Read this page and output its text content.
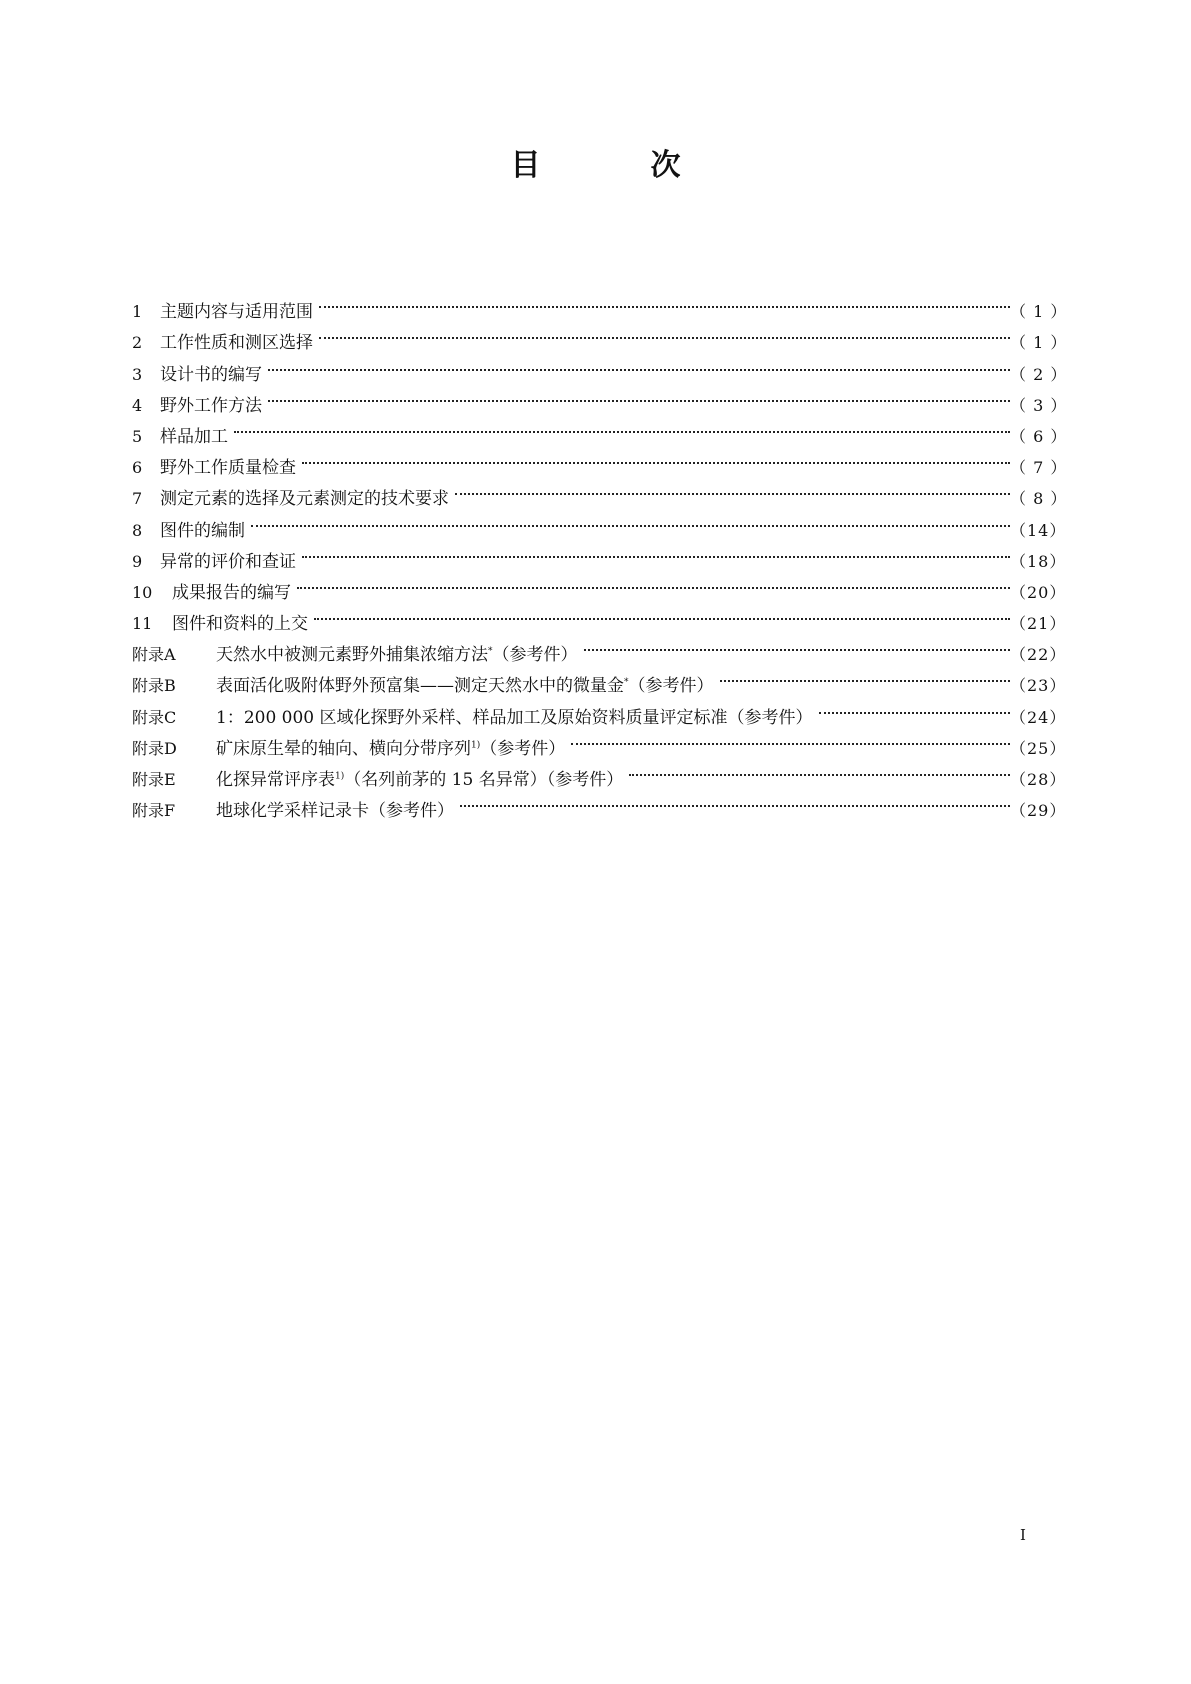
目	次
1	主题内容与适用范围	（ 1 ）
2	工作性质和测区选择	（ 1 ）
3	设计书的编写	（ 2 ）
4	野外工作方法	（ 3 ）
5	样品加工	（ 6 ）
6	野外工作质量检查	（ 7 ）
7	测定元素的选择及元素测定的技术要求	（ 8 ）
8	图件的编制	（14）
9	异常的评价和查证	（18）
10	成果报告的编写	（20）
11	图件和资料的上交	（21）
附录A	天然水中被测元素野外捕集浓缩方法*（参考件）	（22）
附录B	表面活化吸附体野外预富集——测定天然水中的微量金*（参考件）	（23）
附录C	1：200 000 区域化探野外采样、样品加工及原始资料质量评定标准（参考件）	（24）
附录D	矿床原生晕的轴向、横向分带序列$^{1)}$（参考件）	（25）
附录E	化探异常评序表$^{1)}$（名列前茅的 15 名异常）（参考件）	（28）
附录F	地球化学采样记录卡（参考件）	（29）
I
